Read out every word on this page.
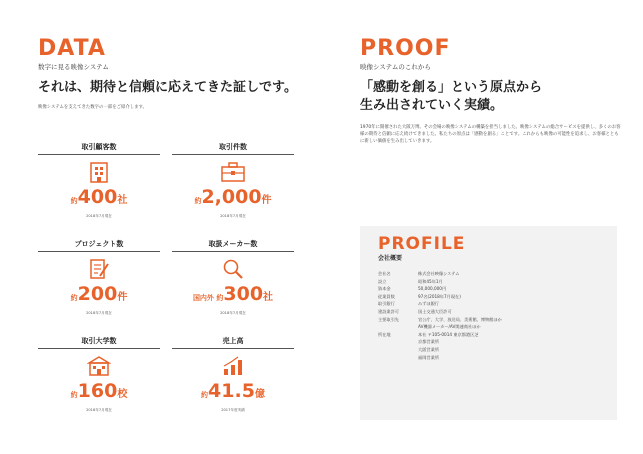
DATA
数字に見る映像システム
それは、期待と信頼に応えてきた証しです。
映像システムを支えてきた数字の一部をご紹介します。
取引顧客数
約400社
2018年7月現在
取引件数
約2,000件
2018年7月現在
プロジェクト数
約200件
2018年7月現在
取扱メーカー数
国内外 約300社
2018年7月現在
取引大学数
約160校
2018年7月現在
売上高
約41.5億
2017年度実績
PROOF
映像システムのこれから
「感動を創る」という原点から
生み出されていく実績。
1970年に開催された大阪万博。その会場の映像システムの構築を担当しました。映像システムの総合サービスを提供し、多くのお客様の期待と信頼に応え続けてきました。私たちの原点は「感動を創る」ことです。これからも映像の可能性を追求し、お客様とともに新しい価値を生み出していきます。
PROFILE
会社概要
会社名	株式会社映像システム
設立	昭和45年1月
資本金	50,000,000円
従業員数	97名(2018年7月現在)
取引銀行	みずほ銀行
建設業許可	国土交通大臣許可
主要取引先	官公庁、大学、放送局、美術館、博物館ほか
AV機器メーカー/AV関連商社ほか
所在地	本社 〒105-0014 東京都港区芝
京都営業所
大阪営業所
福岡営業所
